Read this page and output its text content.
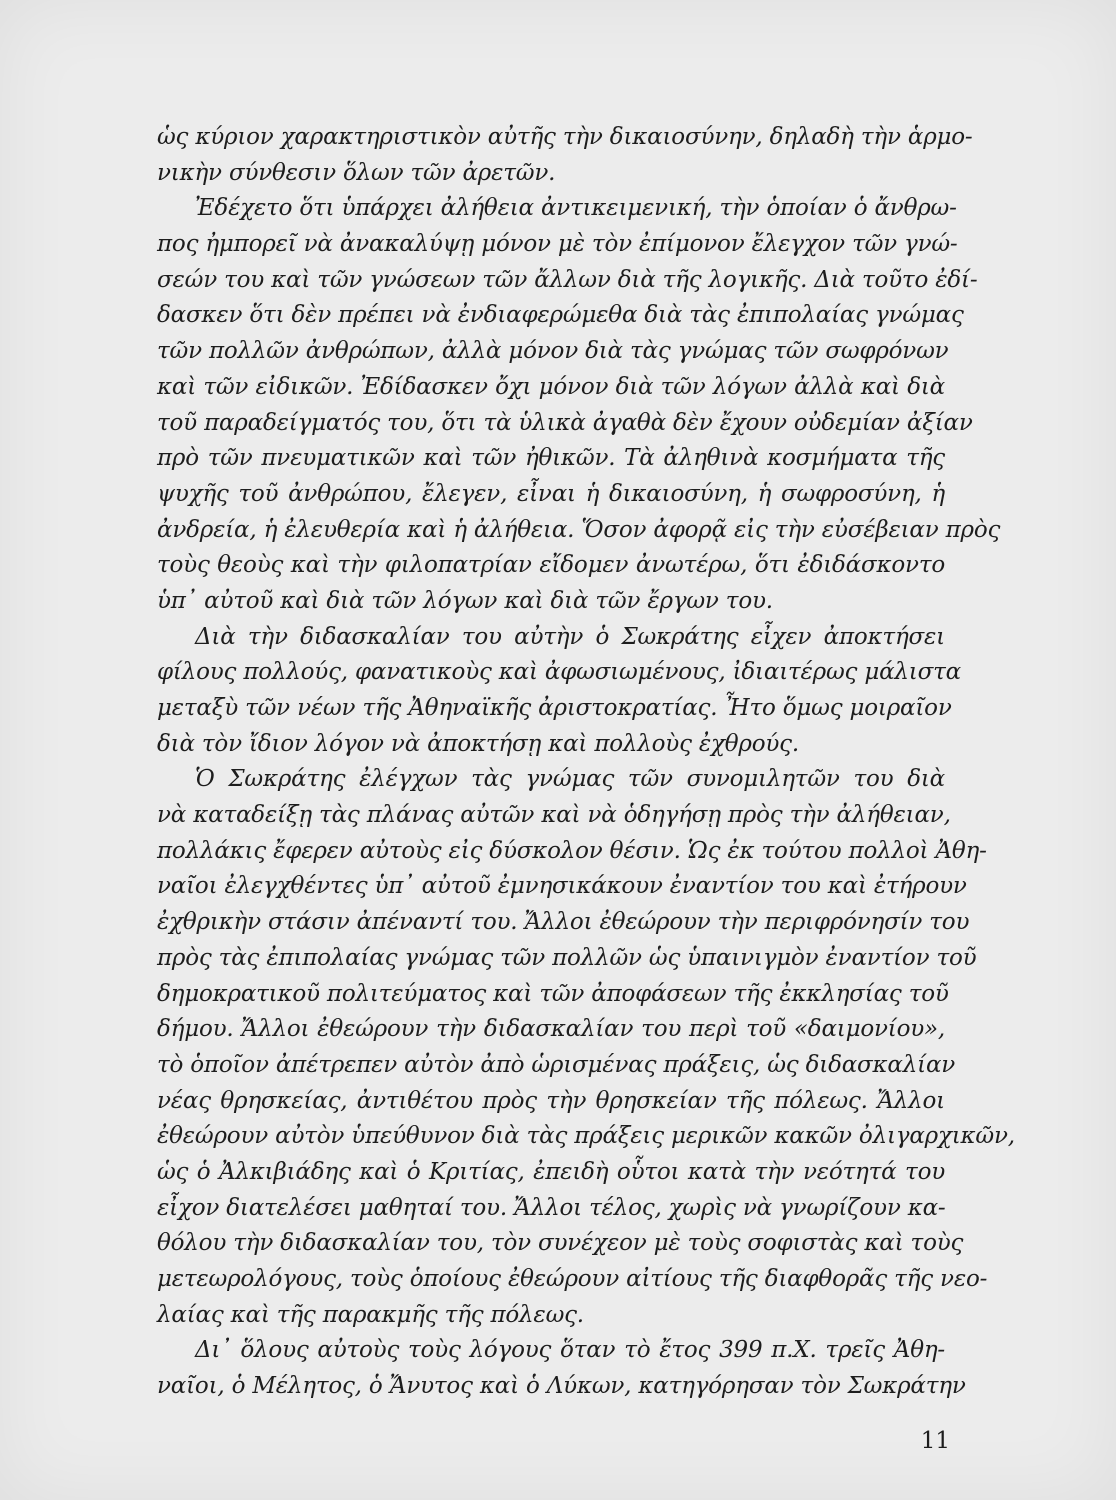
ὡς κύριον χαρακτηριστικὸν αὐτῆς τὴν δικαιοσύνην, δηλαδὴ τὴν ἁρμο-
νικὴν σύνθεσιν ὅλων τῶν ἀρετῶν.
Ἐδέχετο ὅτι ὑπάρχει ἀλήθεια ἀντικειμενική, τὴν ὁποίαν ὁ ἄνθρω-
πος ἠμπορεῖ νὰ ἀνακαλύψῃ μόνον μὲ τὸν ἐπίμονον ἔλεγχον τῶν γνώ-
σεών του καὶ τῶν γνώσεων τῶν ἄλλων διὰ τῆς λογικῆς. Διὰ τοῦτο ἐδί-
δασκεν ὅτι δὲν πρέπει νὰ ἐνδιαφερώμεθα διὰ τὰς ἐπιπολαίας γνώμας
τῶν πολλῶν ἀνθρώπων, ἀλλὰ μόνον διὰ τὰς γνώμας τῶν σωφρόνων
καὶ τῶν εἰδικῶν. Ἐδίδασκεν ὄχι μόνον διὰ τῶν λόγων ἀλλὰ καὶ διὰ
τοῦ παραδείγματός του, ὅτι τὰ ὑλικὰ ἀγαθὰ δὲν ἔχουν οὐδεμίαν ἀξίαν
πρὸ τῶν πνευματικῶν καὶ τῶν ἠθικῶν. Τὰ ἀληθινὰ κοσμήματα τῆς
ψυχῆς τοῦ ἀνθρώπου, ἔλεγεν, εἶναι ἡ δικαιοσύνη, ἡ σωφροσύνη, ἡ
ἀνδρεία, ἡ ἐλευθερία καὶ ἡ ἀλήθεια. Ὅσον ἀφορᾷ εἰς τὴν εὐσέβειαν πρὸς
τοὺς θεοὺς καὶ τὴν φιλοπατρίαν εἴδομεν ἀνωτέρω, ὅτι ἐδιδάσκοντο
ὑπ᾽ αὐτοῦ καὶ διὰ τῶν λόγων καὶ διὰ τῶν ἔργων του.
Διὰ τὴν διδασκαλίαν του αὐτὴν ὁ Σωκράτης εἶχεν ἀποκτήσει
φίλους πολλούς, φανατικοὺς καὶ ἀφωσιωμένους, ἰδιαιτέρως μάλιστα
μεταξὺ τῶν νέων τῆς Ἀθηναϊκῆς ἀριστοκρατίας. Ἦτο ὅμως μοιραῖον
διὰ τὸν ἴδιον λόγον νὰ ἀποκτήσῃ καὶ πολλοὺς ἐχθρούς.
Ὁ Σωκράτης ἐλέγχων τὰς γνώμας τῶν συνομιλητῶν του διὰ
νὰ καταδείξῃ τὰς πλάνας αὐτῶν καὶ νὰ ὁδηγήσῃ πρὸς τὴν ἀλήθειαν,
πολλάκις ἔφερεν αὐτοὺς εἰς δύσκολον θέσιν. Ὡς ἐκ τούτου πολλοὶ Ἀθη-
ναῖοι ἐλεγχθέντες ὑπ᾽ αὐτοῦ ἐμνησικάκουν ἐναντίον του καὶ ἐτήρουν
ἐχθρικὴν στάσιν ἀπέναντί του. Ἄλλοι ἐθεώρουν τὴν περιφρόνησίν του
πρὸς τὰς ἐπιπολαίας γνώμας τῶν πολλῶν ὡς ὑπαινιγμὸν ἐναντίον τοῦ
δημοκρατικοῦ πολιτεύματος καὶ τῶν ἀποφάσεων τῆς ἐκκλησίας τοῦ
δήμου. Ἄλλοι ἐθεώρουν τὴν διδασκαλίαν του περὶ τοῦ «δαιμονίου»,
τὸ ὁποῖον ἀπέτρεπεν αὐτὸν ἀπὸ ὡρισμένας πράξεις, ὡς διδασκαλίαν
νέας θρησκείας, ἀντιθέτου πρὸς τὴν θρησκείαν τῆς πόλεως. Ἄλλοι
ἐθεώρουν αὐτὸν ὑπεύθυνον διὰ τὰς πράξεις μερικῶν κακῶν ὀλιγαρχικῶν,
ὡς ὁ Ἀλκιβιάδης καὶ ὁ Κριτίας, ἐπειδὴ οὗτοι κατὰ τὴν νεότητά του
εἶχον διατελέσει μαθηταί του. Ἄλλοι τέλος, χωρὶς νὰ γνωρίζουν κα-
θόλου τὴν διδασκαλίαν του, τὸν συνέχεον μὲ τοὺς σοφιστὰς καὶ τοὺς
μετεωρολόγους, τοὺς ὁποίους ἐθεώρουν αἰτίους τῆς διαφθορᾶς τῆς νεο-
λαίας καὶ τῆς παρακμῆς τῆς πόλεως.
Δι᾽ ὅλους αὐτοὺς τοὺς λόγους ὅταν τὸ ἔτος 399 π.Χ. τρεῖς Ἀθη-
ναῖοι, ὁ Μέλητος, ὁ Ἄνυτος καὶ ὁ Λύκων, κατηγόρησαν τὸν Σωκράτην
11
